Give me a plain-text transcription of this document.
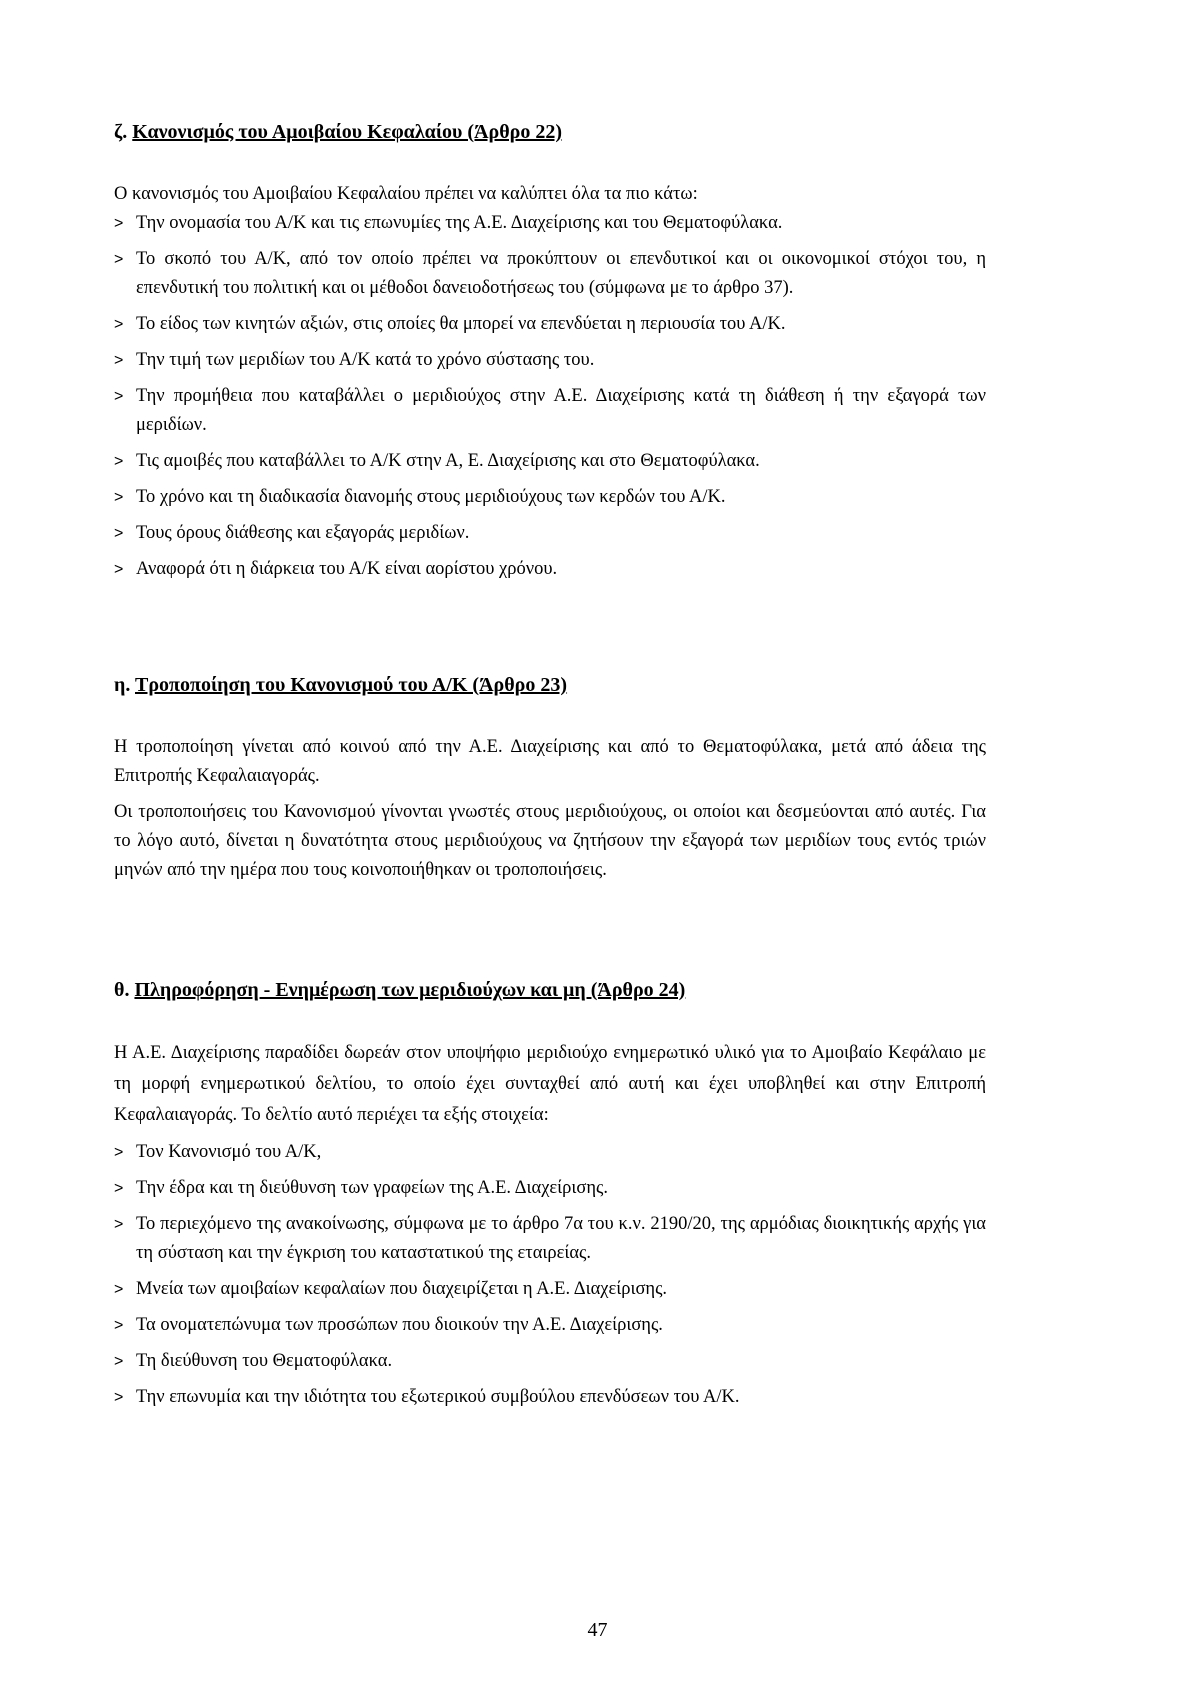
ζ. Κανονισμός του Αμοιβαίου Κεφαλαίου (Άρθρο 22)

Ο κανονισμός του Αμοιβαίου Κεφαλαίου πρέπει να καλύπτει όλα τα πιο κάτω:

> Την ονομασία του Α/Κ και τις επωνυμίες της Α.Ε. Διαχείρισης και του Θεματοφύλακα.
> Το σκοπό του Α/Κ, από τον οποίο πρέπει να προκύπτουν οι επενδυτικοί και οι οικονομικοί στόχοι του, η επενδυτική του πολιτική και οι μέθοδοι δανειοδοτήσεως του (σύμφωνα με το άρθρο 37).
> Το είδος των κινητών αξιών, στις οποίες θα μπορεί να επενδύεται η περιουσία του Α/Κ.
> Την τιμή των μεριδίων του Α/Κ κατά το χρόνο σύστασης του.
> Την προμήθεια που καταβάλλει ο μεριδιούχος στην Α.Ε. Διαχείρισης κατά τη διάθεση ή την εξαγορά των μεριδίων.
> Τις αμοιβές που καταβάλλει το Α/Κ στην Α, Ε. Διαχείρισης και στο Θεματοφύλακα.
> Το χρόνο και τη διαδικασία διανομής στους μεριδιούχους των κερδών του Α/Κ.
> Τους όρους διάθεσης και εξαγοράς μεριδίων.
> Αναφορά ότι η διάρκεια του Α/Κ είναι αορίστου χρόνου.
η. Τροποποίηση του Κανονισμού του Α/Κ (Άρθρο 23)

Η τροποποίηση γίνεται από κοινού από την Α.Ε. Διαχείρισης και από το Θεματοφύλακα, μετά από άδεια της Επιτροπής Κεφαλαιαγοράς.

Οι τροποποιήσεις του Κανονισμού γίνονται γνωστές στους μεριδιούχους, οι οποίοι και δεσμεύονται από αυτές. Για το λόγο αυτό, δίνεται η δυνατότητα στους μεριδιούχους να ζητήσουν την εξαγορά των μεριδίων τους εντός τριών μηνών από την ημέρα που τους κοινοποιήθηκαν οι τροποποιήσεις.

θ. Πληροφόρηση - Ενημέρωση των μεριδιούχων και μη (Άρθρο 24)

Η Α.Ε. Διαχείρισης παραδίδει δωρεάν στον υποψήφιο μεριδιούχο ενημερωτικό υλικό για το Αμοιβαίο Κεφάλαιο με τη μορφή ενημερωτικού δελτίου, το οποίο έχει συνταχθεί από αυτή και έχει υποβληθεί και στην Επιτροπή Κεφαλαιαγοράς. Το δελτίο αυτό περιέχει τα εξής στοιχεία:

> Τον Κανονισμό του Α/Κ,
> Την έδρα και τη διεύθυνση των γραφείων της Α.Ε. Διαχείρισης.
> Το περιεχόμενο της ανακοίνωσης, σύμφωνα με το άρθρο 7α του κ.ν. 2190/20, της αρμόδιας διοικητικής αρχής για τη σύσταση και την έγκριση του καταστατικού της εταιρείας.
> Μνεία των αμοιβαίων κεφαλαίων που διαχειρίζεται η Α.Ε. Διαχείρισης.
> Τα ονοματεπώνυμα των προσώπων που διοικούν την Α.Ε. Διαχείρισης.
> Τη διεύθυνση του Θεματοφύλακα.
> Την επωνυμία και την ιδιότητα του εξωτερικού συμβούλου επενδύσεων του Α/Κ.
47
